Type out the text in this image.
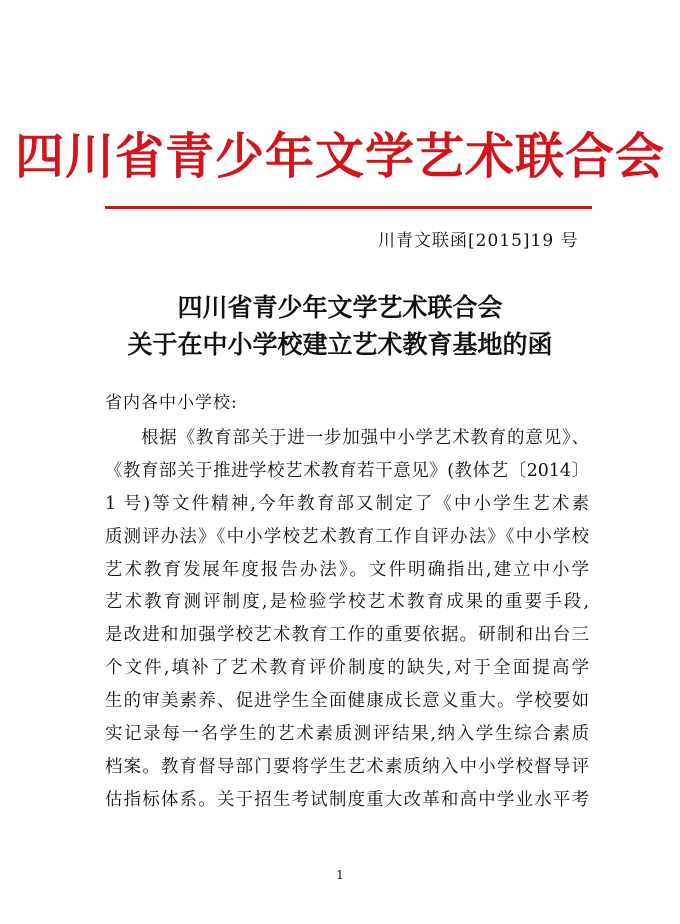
四川省青少年文学艺术联合会
川青文联函[2015]19 号
四川省青少年文学艺术联合会
关于在中小学校建立艺术教育基地的函
省内各中小学校:
根据《教育部关于进一步加强中小学艺术教育的意见》、
《教育部关于推进学校艺术教育若干意见》(教体艺〔2014〕
1 号)等文件精神,今年教育部又制定了《中小学生艺术素
质测评办法》《中小学校艺术教育工作自评办法》《中小学校
艺术教育发展年度报告办法》。文件明确指出,建立中小学
艺术教育测评制度,是检验学校艺术教育成果的重要手段,
是改进和加强学校艺术教育工作的重要依据。研制和出台三
个文件,填补了艺术教育评价制度的缺失,对于全面提高学
生的审美素养、促进学生全面健康成长意义重大。学校要如
实记录每一名学生的艺术素质测评结果,纳入学生综合素质
档案。教育督导部门要将学生艺术素质纳入中小学校督导评
估指标体系。关于招生考试制度重大改革和高中学业水平考
1
